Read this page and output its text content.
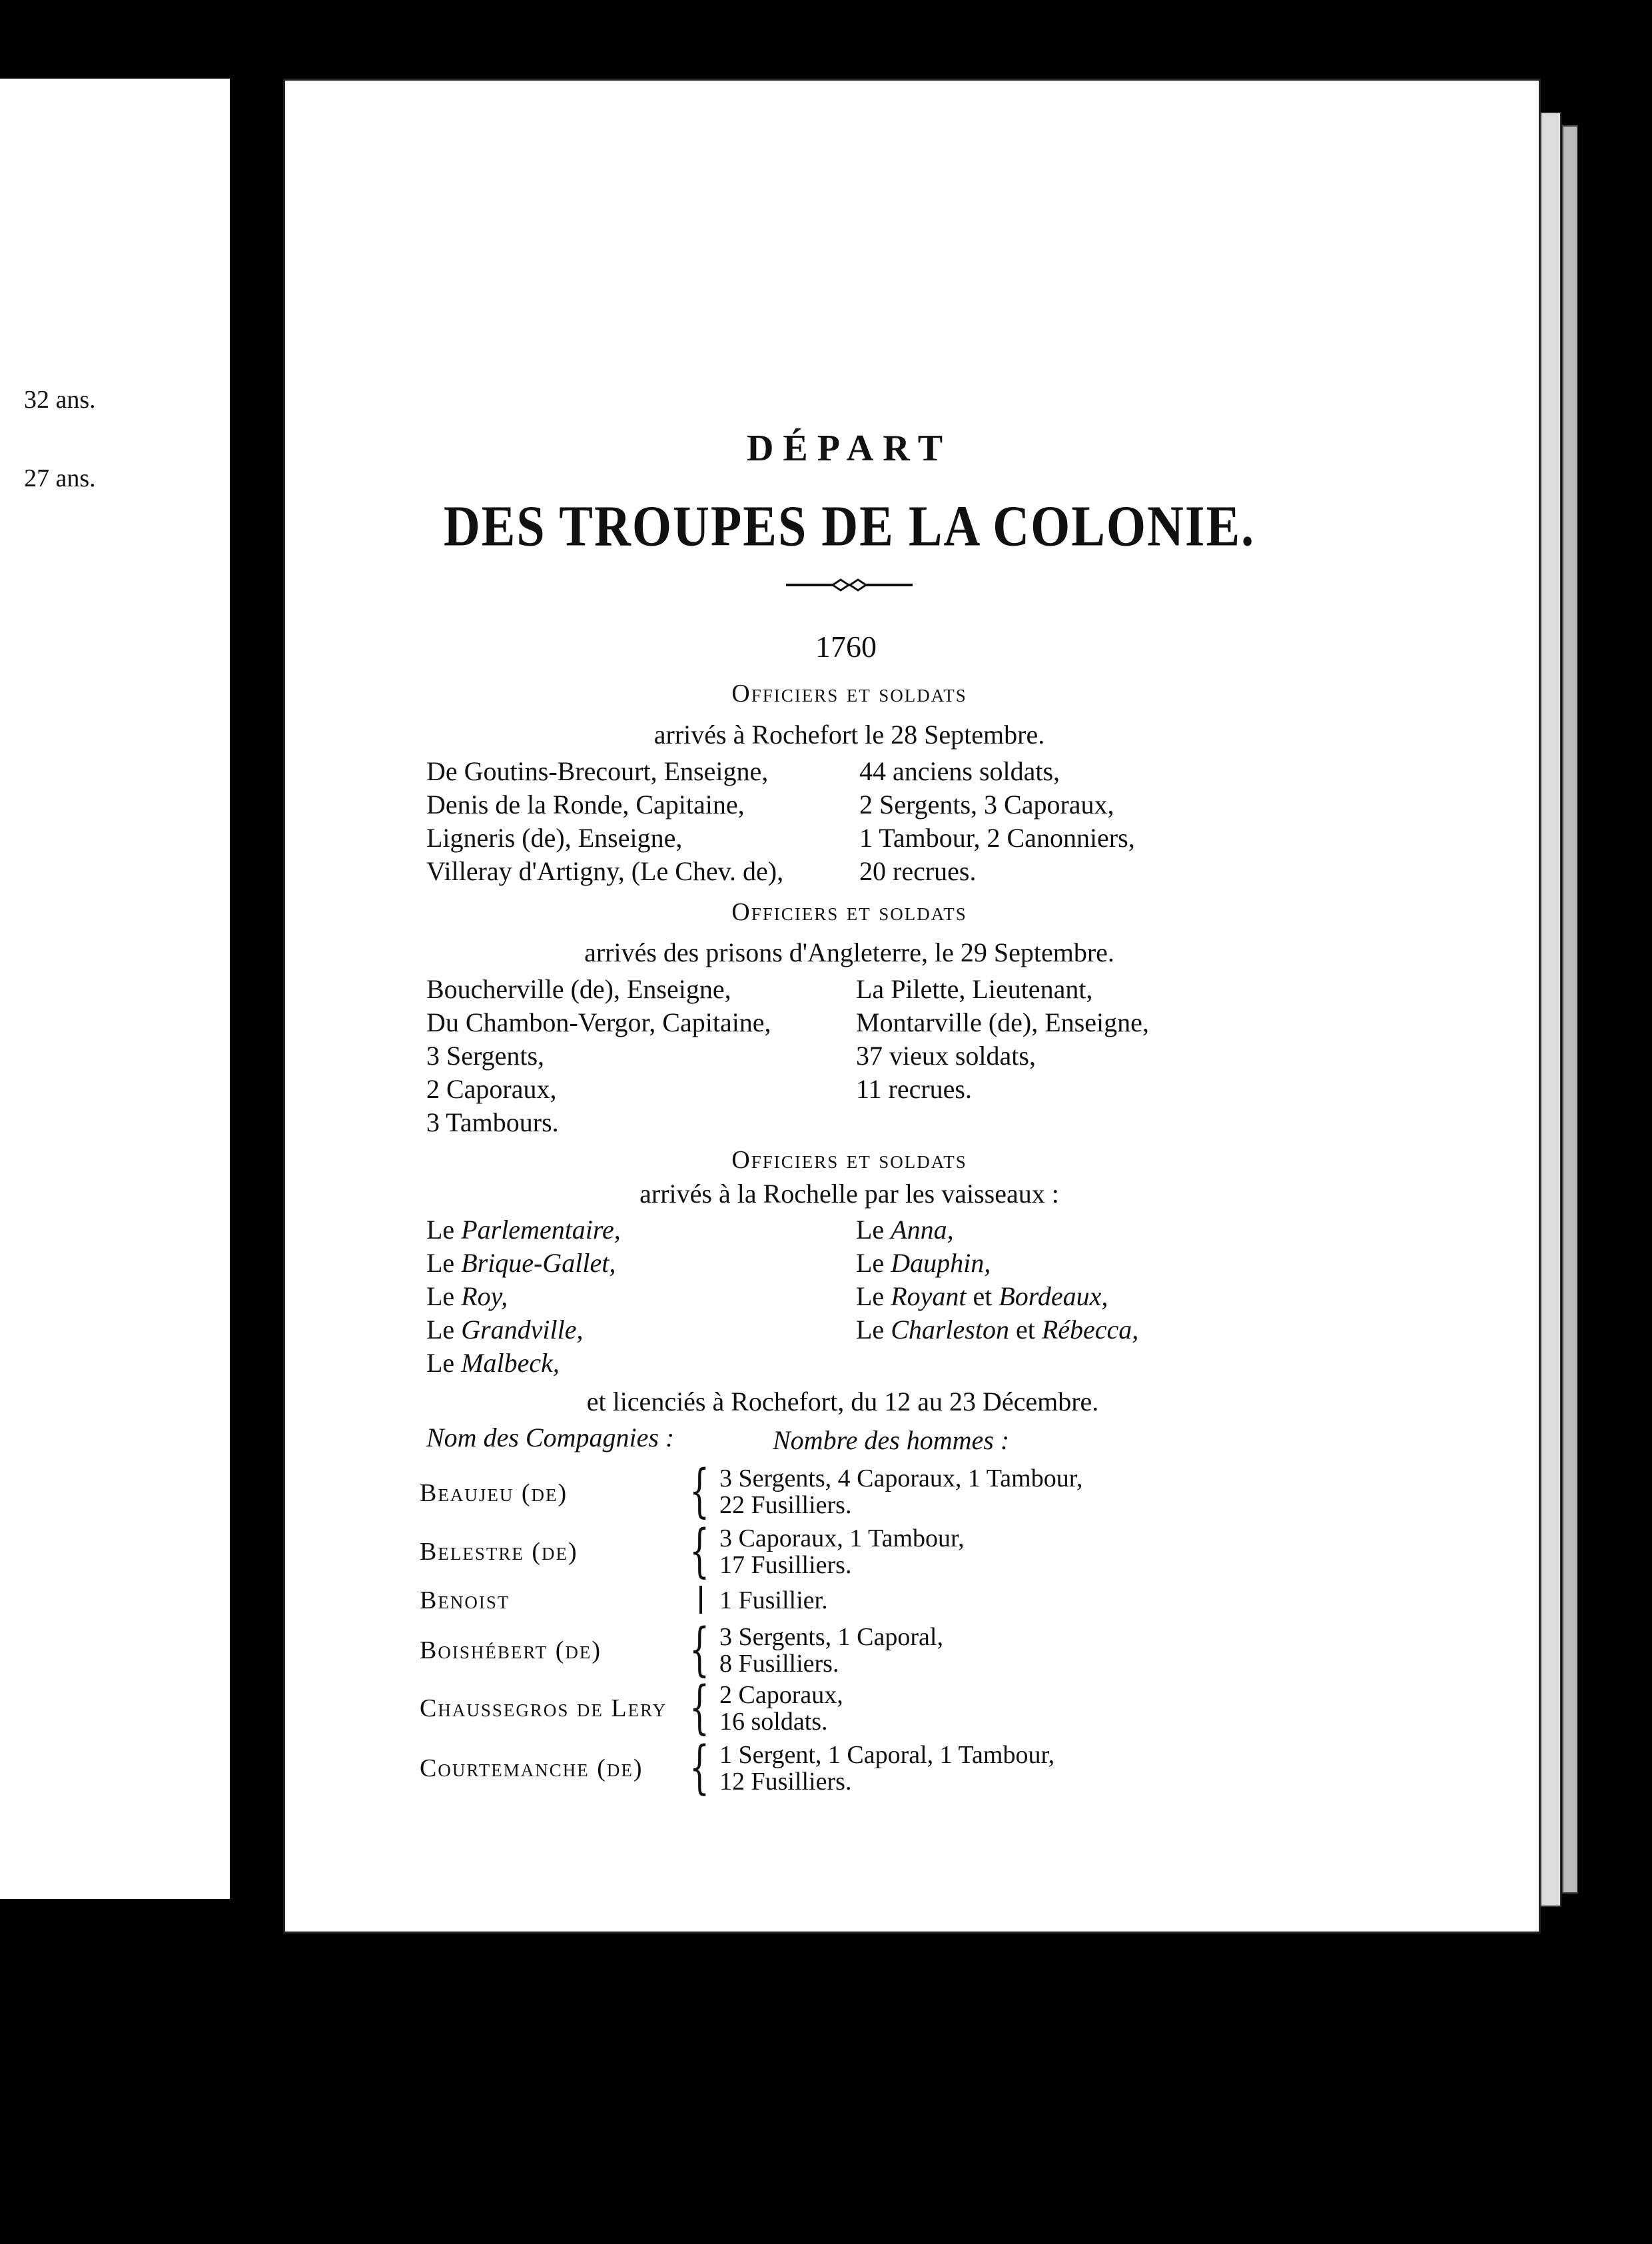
32 ans.
27 ans.
DÉPART
DES TROUPES DE LA COLONIE.
1760
Officiers et soldats
arrivés à Rochefort le 28 Septembre.
De Goutins-Brecourt, Enseigne,
Denis de la Ronde, Capitaine,
Ligneris (de), Enseigne,
Villeray d'Artigny, (Le Chev. de),
44 anciens soldats,
2 Sergents, 3 Caporaux,
1 Tambour, 2 Canonniers,
20 recrues.
Officiers et soldats
arrivés des prisons d'Angleterre, le 29 Septembre.
Boucherville (de), Enseigne,
Du Chambon-Vergor, Capitaine,
3 Sergents,
2 Caporaux,
3 Tambours.
La Pilette, Lieutenant,
Montarville (de), Enseigne,
37 vieux soldats,
11 recrues.
Officiers et soldats
arrivés à la Rochelle par les vaisseaux :
Le Parlementaire,
Le Brique-Gallet,
Le Roy,
Le Grandville,
Le Malbeck,
Le Anna,
Le Dauphin,
Le Royant et Bordeaux,
Le Charleston et Rébecca,
et licenciés à Rochefort, du 12 au 23 Décembre.
Nom des Compagnies :	Nombre des hommes :
Beaujeu (de) { 3 Sergents, 4 Caporaux, 1 Tambour,
22 Fusilliers.
Belestre (de) { 3 Caporaux, 1 Tambour,
17 Fusilliers.
Benoist	1 Fusillier.
Boishébert (de) { 3 Sergents, 1 Caporal,
8 Fusilliers.
Chaussegros de Lery { 2 Caporaux,
16 soldats.
Courtemanche (de) { 1 Sergent, 1 Caporal, 1 Tambour,
12 Fusilliers.
